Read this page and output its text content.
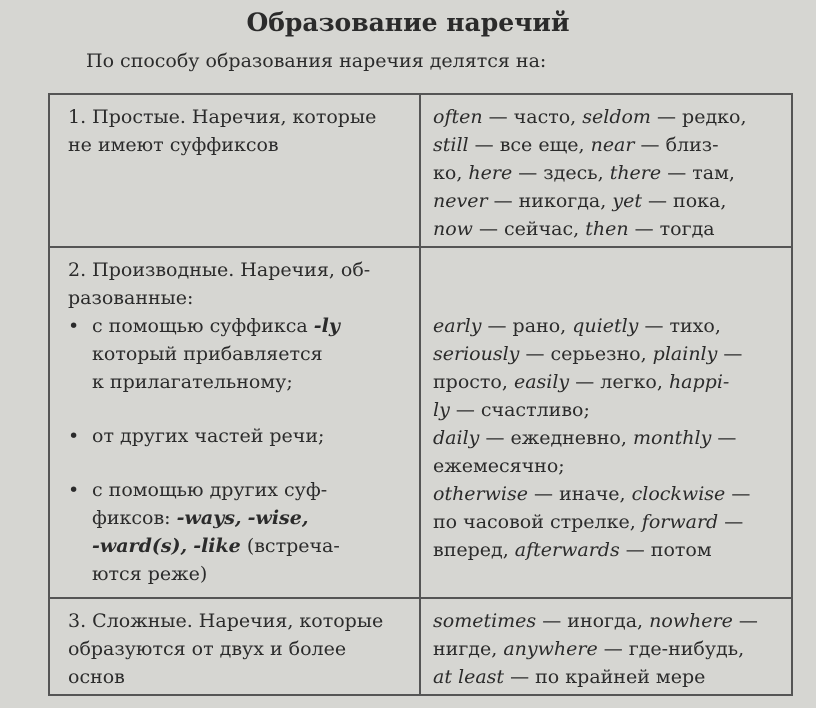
Образование наречий
По способу образования наречия делятся на:
1. Простые. Наречия, которые
не имеют суффиксов
often — часто, seldom — редко,
still — все еще, near — близ-
ко, here — здесь, there — там,
never — никогда, yet — пока,
now — сейчас, then — тогда
2. Производные. Наречия, об-
разованные:
• с помощью суффикса -ly
который прибавляется
к прилагательному;
• от других частей речи;
• с помощью других суф-
фиксов: -ways, -wise,
-ward(s), -like (встреча-
ются реже)
early — рано, quietly — тихо,
seriously — серьезно, plainly —
просто, easily — легко, happi-
ly — счастливо;
daily — ежедневно, monthly —
ежемесячно;
otherwise — иначе, clockwise —
по часовой стрелке, forward —
вперед, afterwards — потом
3. Сложные. Наречия, которые
образуются от двух и более
основ
sometimes — иногда, nowhere —
нигде, anywhere — где-нибудь,
at least — по крайней мере
